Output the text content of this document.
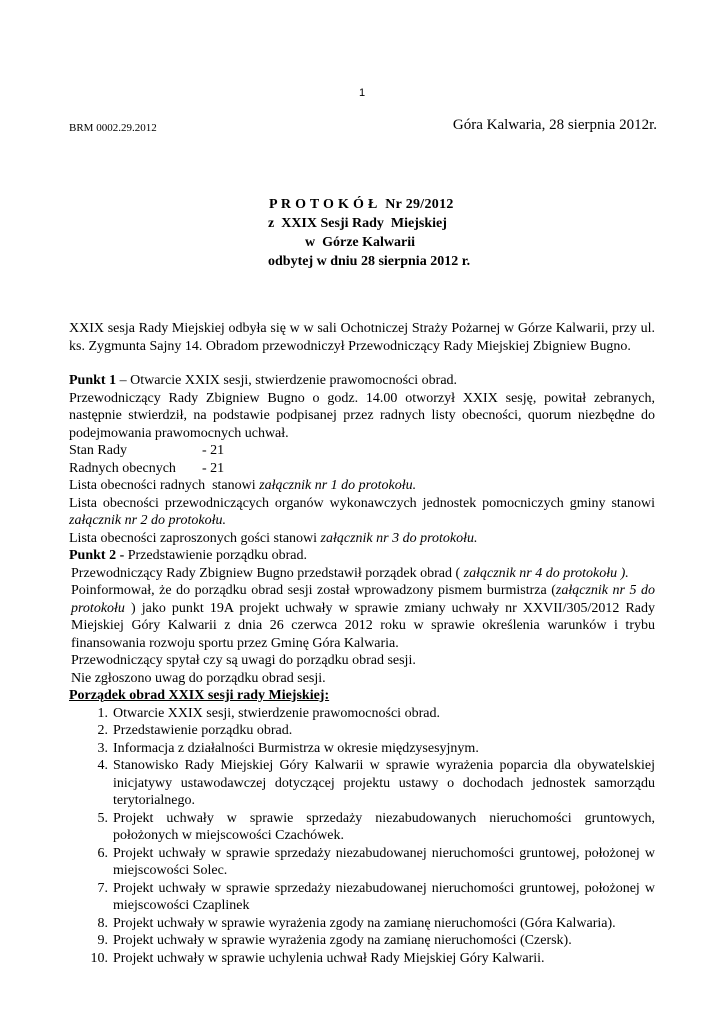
1
BRM 0002.29.2012	Góra Kalwaria, 28 sierpnia 2012r.
P R O T O K Ó Ł  Nr 29/2012
z  XXIX Sesji Rady  Miejskiej
w  Górze Kalwarii
odbytej w dniu 28 sierpnia 2012 r.

XXIX sesja Rady Miejskiej odbyła się w w sali Ochotniczej Straży Pożarnej w Górze Kalwarii, przy ul. ks. Zygmunta Sajny 14. Obradom przewodniczył Przewodniczący Rady Miejskiej Zbigniew Bugno.

Punkt 1 – Otwarcie XXIX sesji, stwierdzenie prawomocności obrad.

Przewodniczący Rady Zbigniew Bugno o godz. 14.00 otworzył XXIX sesję, powitał zebranych, następnie stwierdził, na podstawie podpisanej przez radnych listy obecności, quorum niezbędne do podejmowania prawomocnych uchwał.

Stan Rady	- 21
Radnych obecnych	- 21

Lista obecności radnych  stanowi załącznik nr 1 do protokołu.

Lista obecności przewodniczących organów wykonawczych jednostek pomocniczych gminy stanowi załącznik nr 2 do protokołu.

Lista obecności zaproszonych gości stanowi załącznik nr 3 do protokołu.

Punkt 2 - Przedstawienie porządku obrad.

Przewodniczący Rady Zbigniew Bugno przedstawił porządek obrad ( załącznik nr 4 do protokołu ).

Poinformował, że do porządku obrad sesji został wprowadzony pismem burmistrza (załącznik nr 5 do protokołu ) jako punkt 19A projekt uchwały w sprawie zmiany uchwały nr XXVII/305/2012 Rady Miejskiej Góry Kalwarii z dnia 26 czerwca 2012 roku w sprawie określenia warunków i trybu finansowania rozwoju sportu przez Gminę Góra Kalwaria.

Przewodniczący spytał czy są uwagi do porządku obrad sesji.

Nie zgłoszono uwag do porządku obrad sesji.

Porządek obrad XXIX sesji rady Miejskiej:

1. Otwarcie XXIX sesji, stwierdzenie prawomocności obrad.
2. Przedstawienie porządku obrad.
3. Informacja z działalności Burmistrza w okresie międzysesyjnym.
4. Stanowisko Rady Miejskiej Góry Kalwarii w sprawie wyrażenia poparcia dla obywatelskiej inicjatywy ustawodawczej dotyczącej projektu ustawy o dochodach jednostek samorządu terytorialnego.
5. Projekt uchwały w sprawie sprzedaży niezabudowanych nieruchomości gruntowych, położonych w miejscowości Czachówek.
6. Projekt uchwały w sprawie sprzedaży niezabudowanej nieruchomości gruntowej, położonej w miejscowości Solec.
7. Projekt uchwały w sprawie sprzedaży niezabudowanej nieruchomości gruntowej, położonej w miejscowości Czaplinek
8. Projekt uchwały w sprawie wyrażenia zgody na zamianę nieruchomości (Góra Kalwaria).
9. Projekt uchwały w sprawie wyrażenia zgody na zamianę nieruchomości (Czersk).
10. Projekt uchwały w sprawie uchylenia uchwał Rady Miejskiej Góry Kalwarii.
